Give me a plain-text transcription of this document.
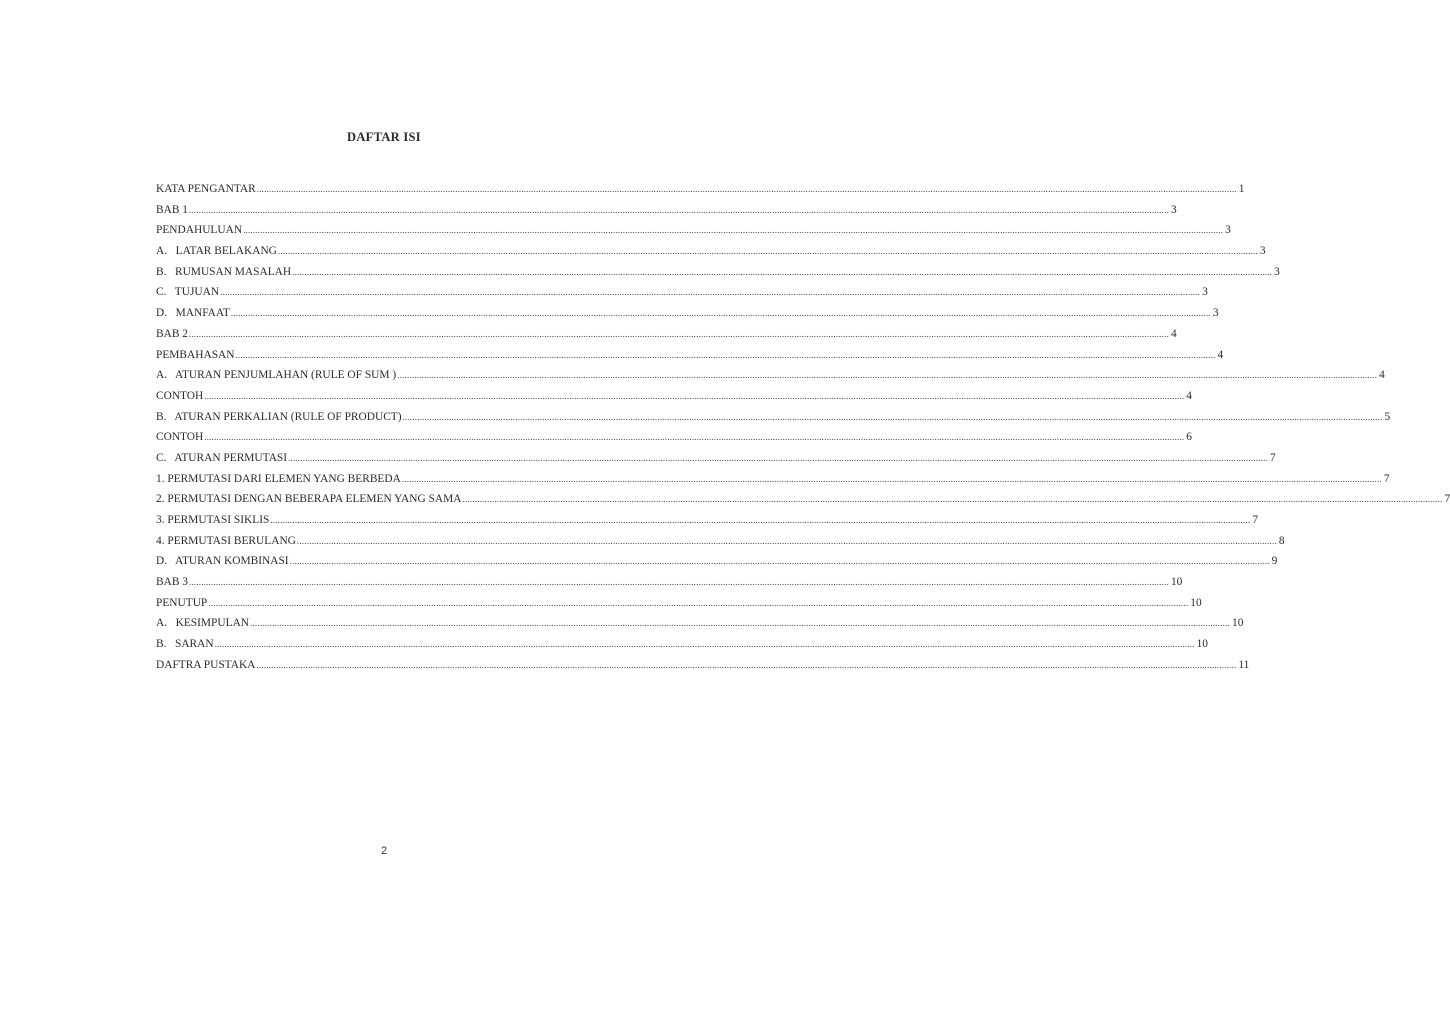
DAFTAR ISI
KATA PENGANTAR ................................................................................................................................................................................................................................................................................................................................................................................................................ 1
BAB 1 ................................................................................................................................................................................................................................................................................................................................................................................................................ 3
PENDAHULUAN ................................................................................................................................................................................................................................................................................................................................................................................................................ 3
A.   LATAR BELAKANG ................................................................................................................................................................................................................................................................................................................................................................................................................ 3
B.   RUMUSAN MASALAH ................................................................................................................................................................................................................................................................................................................................................................................................................ 3
C.   TUJUAN ................................................................................................................................................................................................................................................................................................................................................................................................................ 3
D.   MANFAAT ................................................................................................................................................................................................................................................................................................................................................................................................................ 3
BAB 2 ................................................................................................................................................................................................................................................................................................................................................................................................................ 4
PEMBAHASAN ................................................................................................................................................................................................................................................................................................................................................................................................................ 4
A.   ATURAN PENJUMLAHAN (RULE OF SUM ) ................................................................................................................................................................................................................................................................................................................................................................................................................ 4
CONTOH ................................................................................................................................................................................................................................................................................................................................................................................................................ 4
B.   ATURAN PERKALIAN (RULE OF PRODUCT) ................................................................................................................................................................................................................................................................................................................................................................................................................ 5
CONTOH ................................................................................................................................................................................................................................................................................................................................................................................................................ 6
C.   ATURAN PERMUTASI ................................................................................................................................................................................................................................................................................................................................................................................................................ 7
1. PERMUTASI DARI ELEMEN YANG BERBEDA ................................................................................................................................................................................................................................................................................................................................................................................................................ 7
2. PERMUTASI DENGAN BEBERAPA ELEMEN YANG SAMA ................................................................................................................................................................................................................................................................................................................................................................................................................ 7
3. PERMUTASI SIKLIS ................................................................................................................................................................................................................................................................................................................................................................................................................ 7
4. PERMUTASI BERULANG ................................................................................................................................................................................................................................................................................................................................................................................................................ 8
D.   ATURAN KOMBINASI ................................................................................................................................................................................................................................................................................................................................................................................................................ 9
BAB 3 ................................................................................................................................................................................................................................................................................................................................................................................................................ 10
PENUTUP ................................................................................................................................................................................................................................................................................................................................................................................................................ 10
A.   KESIMPULAN ................................................................................................................................................................................................................................................................................................................................................................................................................ 10
B.   SARAN ................................................................................................................................................................................................................................................................................................................................................................................................................ 10
DAFTRA PUSTAKA ................................................................................................................................................................................................................................................................................................................................................................................................................ 11
2
